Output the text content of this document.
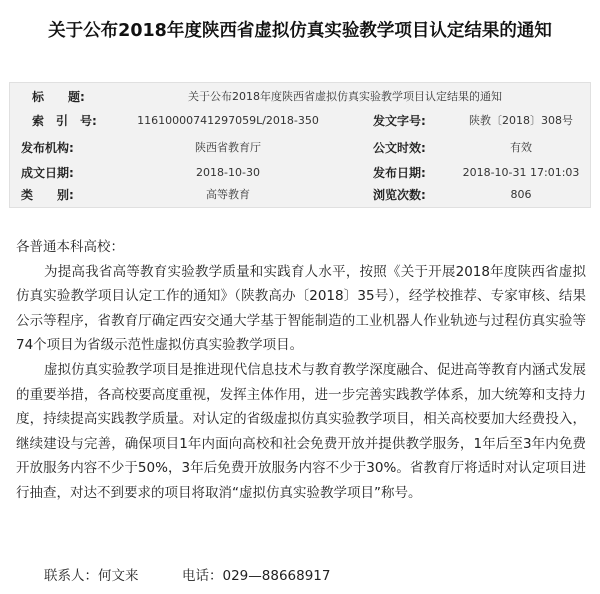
关于公布2018年度陕西省虚拟仿真实验教学项目认定结果的通知
标　　题:	关于公布2018年度陕西省虚拟仿真实验教学项目认定结果的通知
索　引　号:	11610000741297059L/2018-350	发文字号:	陕教〔2018〕308号
发布机构:	陕西省教育厅	公文时效:	有效
成文日期:	2018-10-30	发布日期:	2018-10-31 17:01:03
类　　别:	高等教育	浏览次数:	806

各普通本科高校：

为提高我省高等教育实验教学质量和实践育人水平，按照《关于开展2018年度陕西省虚拟仿真实验教学项目认定工作的通知》（陕教高办〔2018〕35号），经学校推荐、专家审核、结果公示等程序，省教育厅确定西安交通大学基于智能制造的工业机器人作业轨迹与过程仿真实验等74个项目为省级示范性虚拟仿真实验教学项目。

虚拟仿真实验教学项目是推进现代信息技术与教育教学深度融合、促进高等教育内涵式发展的重要举措，各高校要高度重视，发挥主体作用，进一步完善实践教学体系，加大统筹和支持力度，持续提高实践教学质量。对认定的省级虚拟仿真实验教学项目，相关高校要加大经费投入，继续建设与完善，确保项目1年内面向高校和社会免费开放并提供教学服务，1年后至3年内免费开放服务内容不少于50%，3年后免费开放服务内容不少于30%。省教育厅将适时对认定项目进行抽查，对达不到要求的项目将取消“虚拟仿真实验教学项目”称号。

联系人：何文来	电话：029—88668917
